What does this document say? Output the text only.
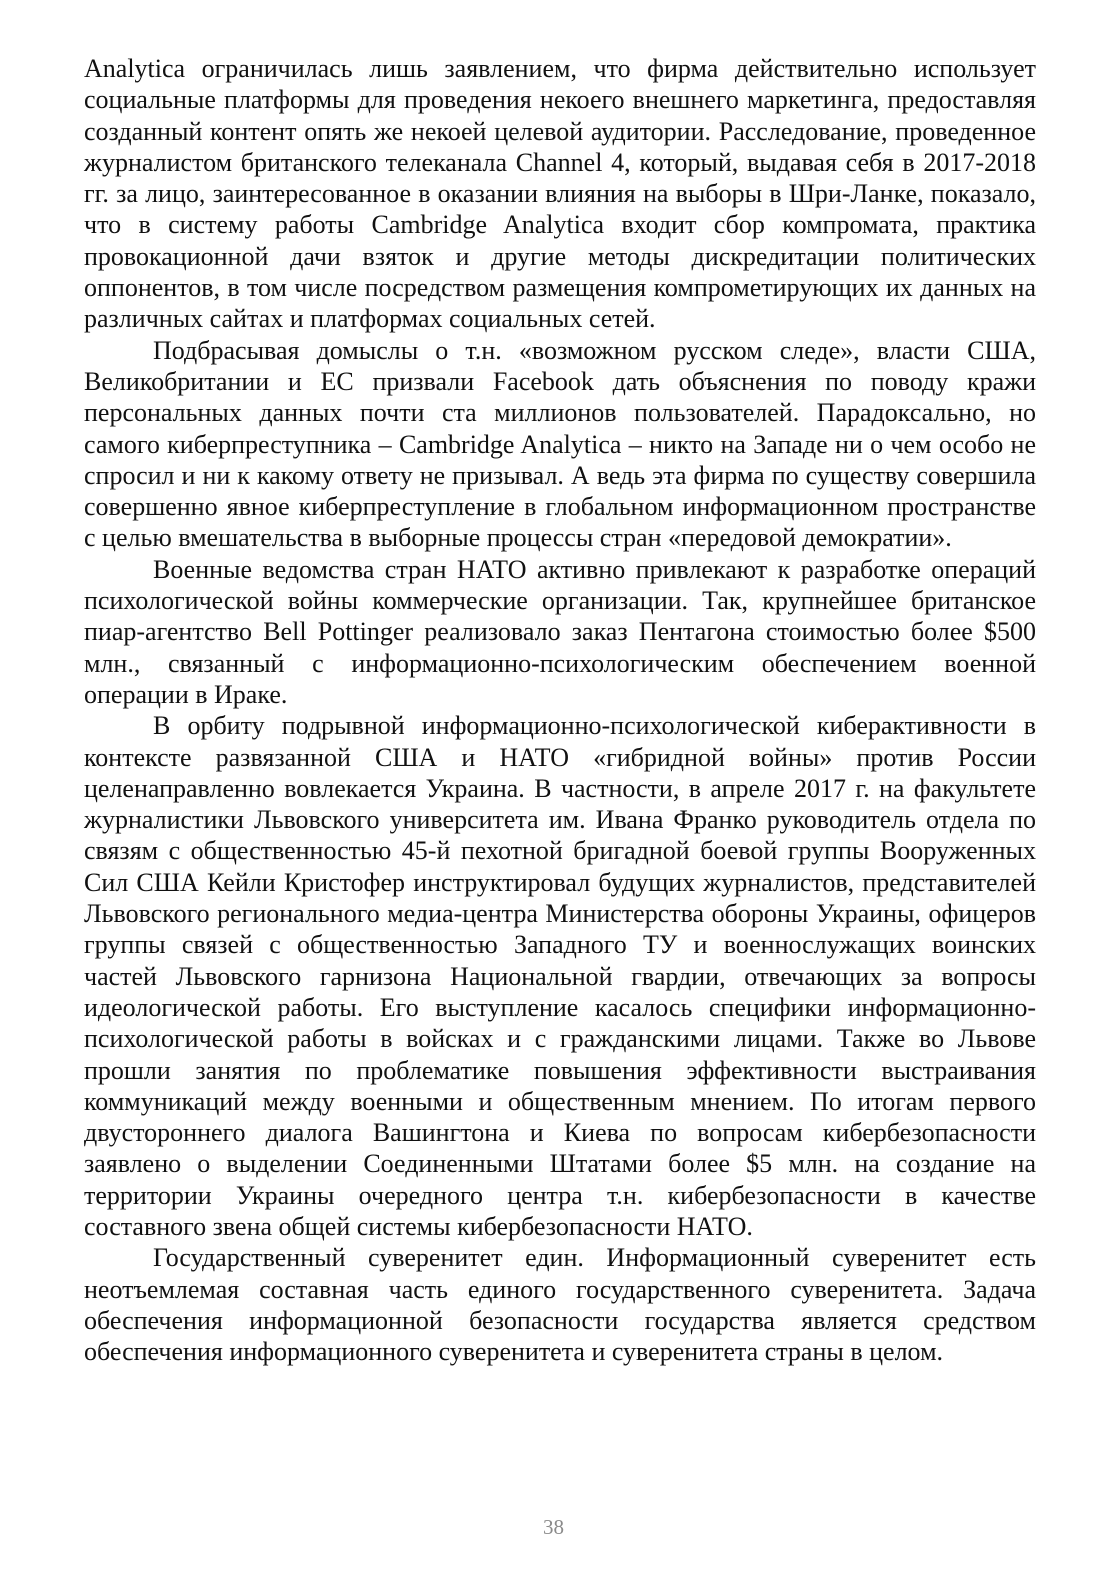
Analytica ограничилась лишь заявлением, что фирма действительно использует социальные платформы для проведения некоего внешнего маркетинга, предоставляя созданный контент опять же некоей целевой аудитории. Расследование, проведенное журналистом британского телеканала Channel 4, который, выдавая себя в 2017-2018 гг. за лицо, заинтересованное в оказании влияния на выборы в Шри-Ланке, показало, что в систему работы Cambridge Analytica входит сбор компромата, практика провокационной дачи взяток и другие методы дискредитации политических оппонентов, в том числе посредством размещения компрометирующих их данных на различных сайтах и платформах социальных сетей.

Подбрасывая домыслы о т.н. «возможном русском следе», власти США, Великобритании и ЕС призвали Facebook дать объяснения по поводу кражи персональных данных почти ста миллионов пользователей. Парадоксально, но самого киберпреступника – Cambridge Analytica – никто на Западе ни о чем особо не спросил и ни к какому ответу не призывал. А ведь эта фирма по существу совершила совершенно явное киберпреступление в глобальном информационном пространстве с целью вмешательства в выборные процессы стран «передовой демократии».

Военные ведомства стран НАТО активно привлекают к разработке операций психологической войны коммерческие организации. Так, крупнейшее британское пиар-агентство Bell Pottinger реализовало заказ Пентагона стоимостью более $500 млн., связанный с информационно-психологическим обеспечением военной операции в Ираке.

В орбиту подрывной информационно-психологической киберактивности в контексте развязанной США и НАТО «гибридной войны» против России целенаправленно вовлекается Украина. В частности, в апреле 2017 г. на факультете журналистики Львовского университета им. Ивана Франко руководитель отдела по связям с общественностью 45-й пехотной бригадной боевой группы Вооруженных Сил США Кейли Кристофер инструктировал будущих журналистов, представителей Львовского регионального медиа-центра Министерства обороны Украины, офицеров группы связей с общественностью Западного ТУ и военнослужащих воинских частей Львовского гарнизона Национальной гвардии, отвечающих за вопросы идеологической работы. Его выступление касалось специфики информационно-психологической работы в войсках и с гражданскими лицами. Также во Львове прошли занятия по проблематике повышения эффективности выстраивания коммуникаций между военными и общественным мнением. По итогам первого двустороннего диалога Вашингтона и Киева по вопросам кибербезопасности заявлено о выделении Соединенными Штатами более $5 млн. на создание на территории Украины очередного центра т.н. кибербезопасности в качестве составного звена общей системы кибербезопасности НАТО.

Государственный суверенитет един. Информационный суверенитет есть неотъемлемая составная часть единого государственного суверенитета. Задача обеспечения информационной безопасности государства является средством обеспечения информационного суверенитета и суверенитета страны в целом.

38
